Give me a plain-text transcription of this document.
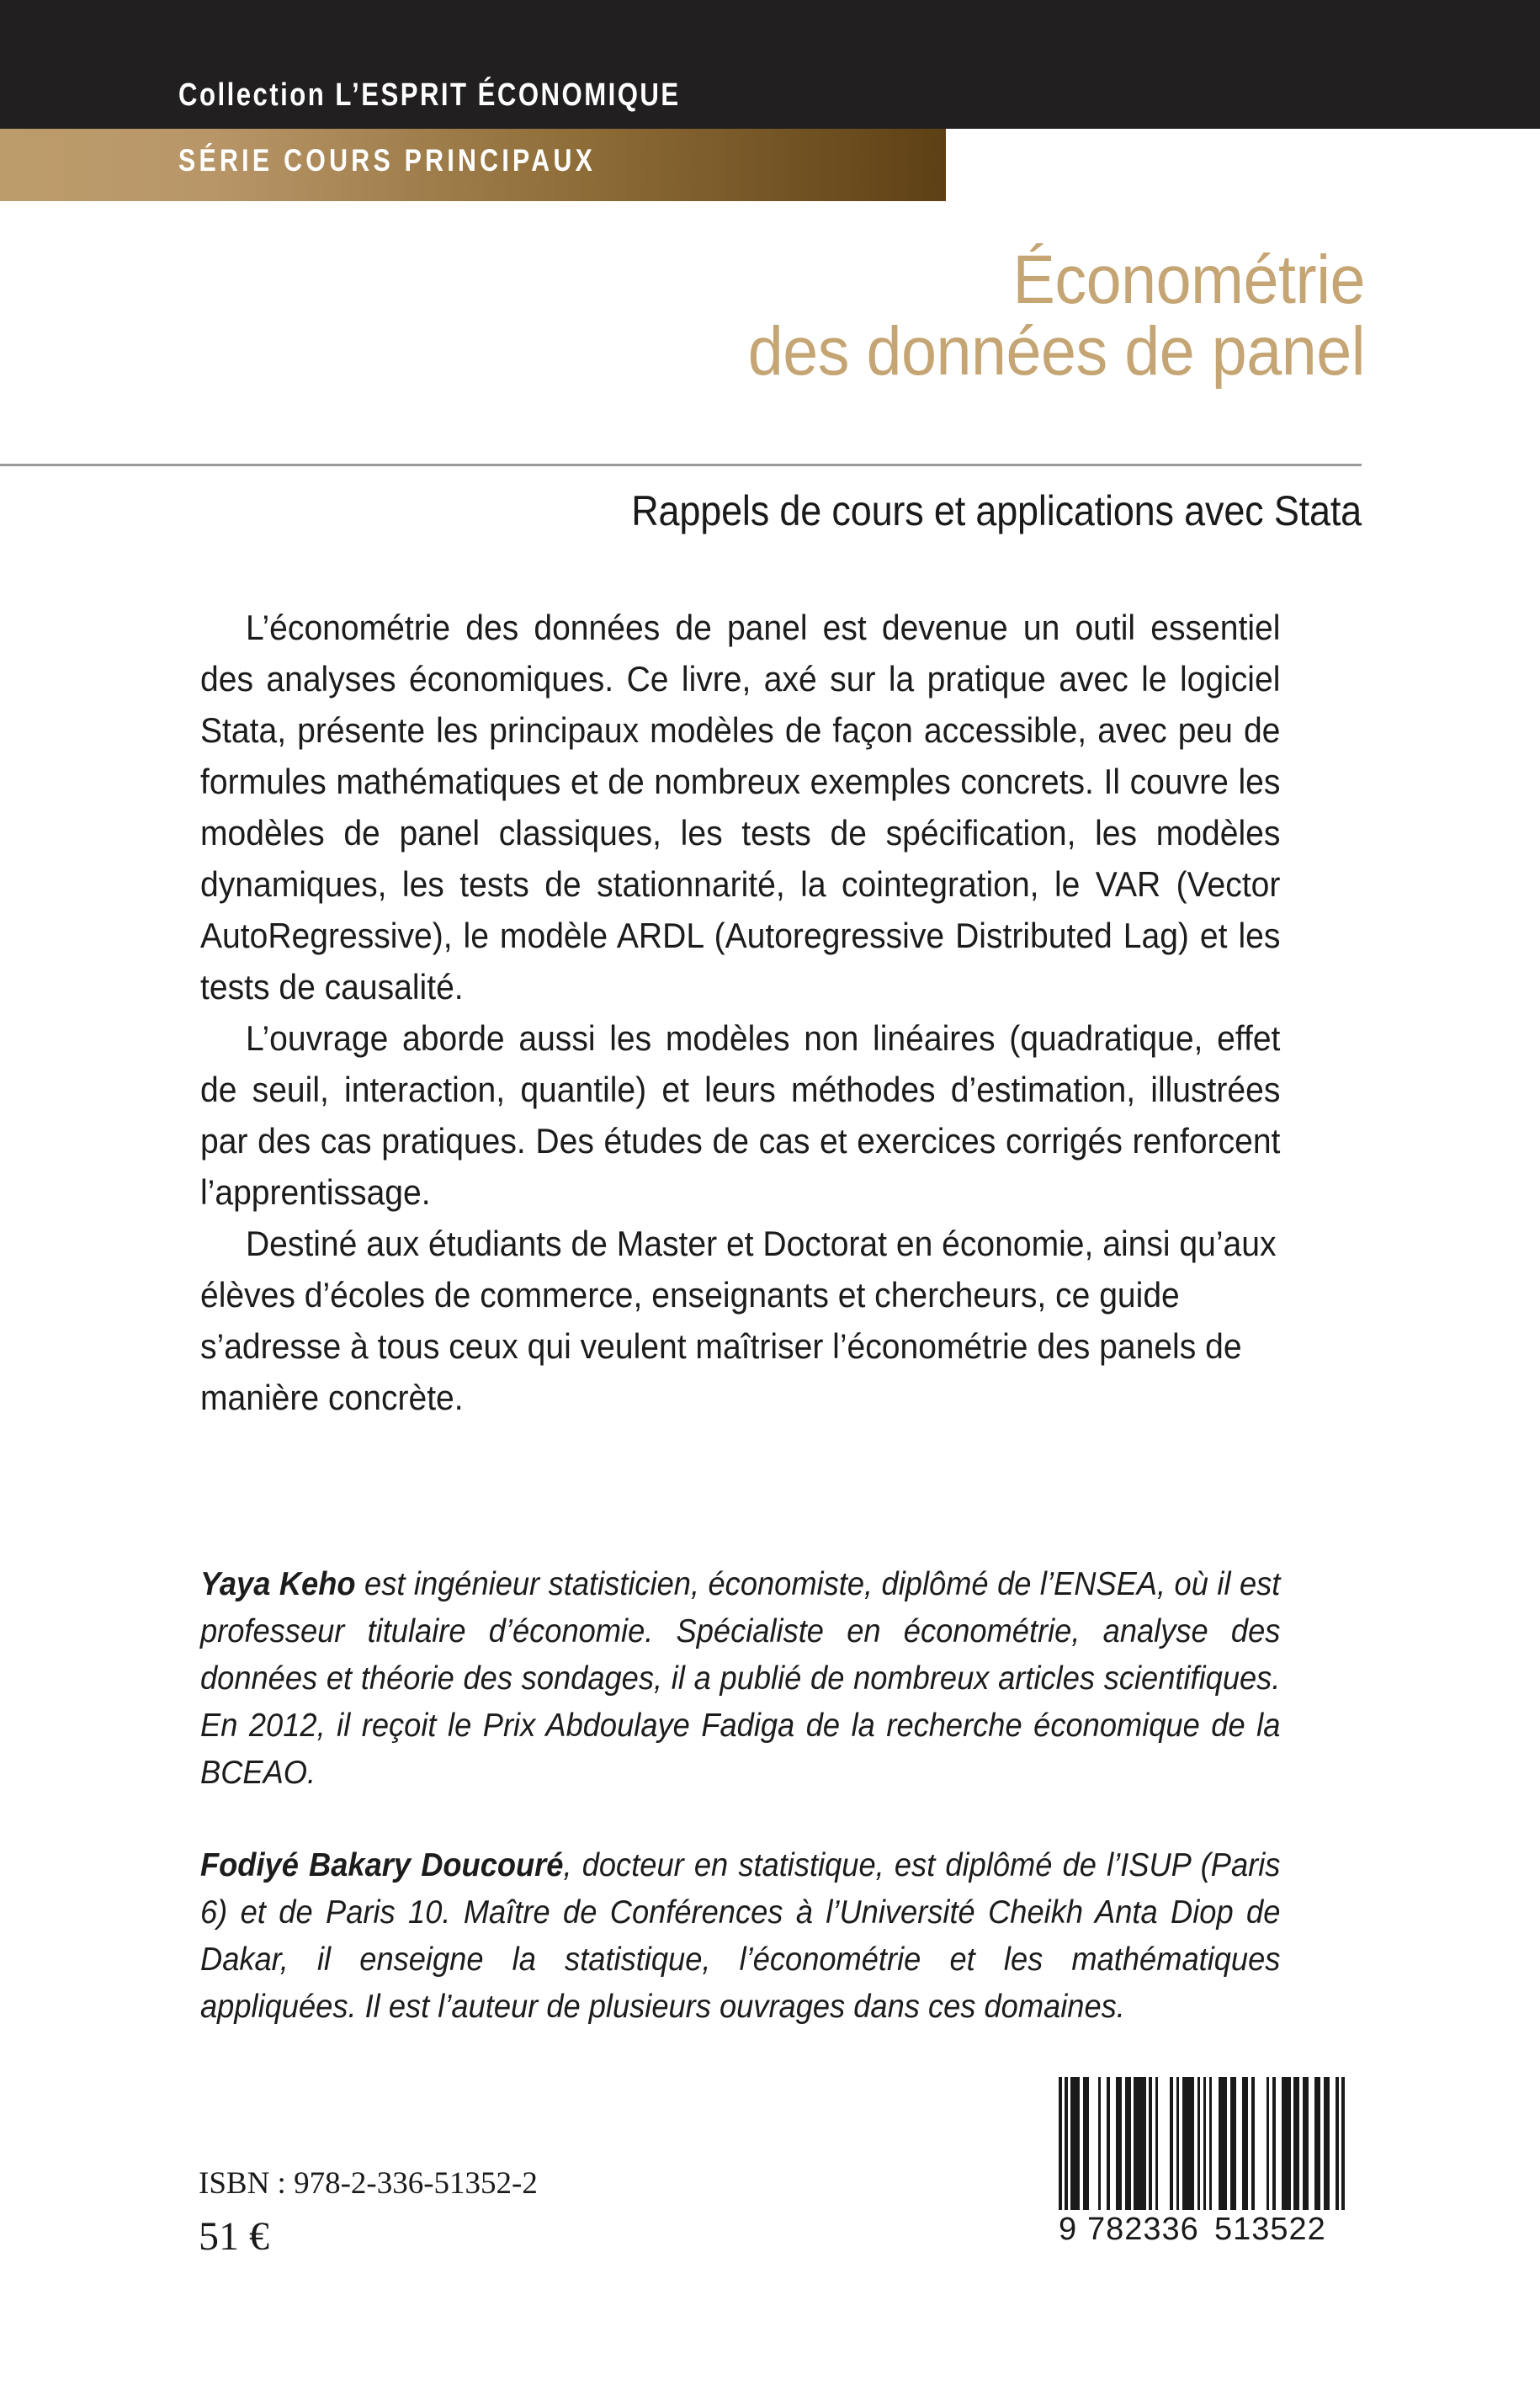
Collection L’ESPRIT ÉCONOMIQUE
SÉRIE COURS PRINCIPAUX
Économétrie
des données de panel
Rappels de cours et applications avec Stata

L’économétrie des données de panel est devenue un outil essentiel des analyses économiques. Ce livre, axé sur la pratique avec le logiciel Stata, présente les principaux modèles de façon accessible, avec peu de formules mathématiques et de nombreux exemples concrets. Il couvre les modèles de panel classiques, les tests de spécification, les modèles dynamiques, les tests de stationnarité, la cointegration, le VAR (Vector AutoRegressive), le modèle ARDL (Autoregressive Distributed Lag) et les tests de causalité.

L’ouvrage aborde aussi les modèles non linéaires (quadratique, effet de seuil, interaction, quantile) et leurs méthodes d’estimation, illustrées par des cas pratiques. Des études de cas et exercices corrigés renforcent l’apprentissage.

Destiné aux étudiants de Master et Doctorat en économie, ainsi qu’aux élèves d’écoles de commerce, enseignants et chercheurs, ce guide s’adresse à tous ceux qui veulent maîtriser l’économétrie des panels de manière concrète.

Yaya Keho est ingénieur statisticien, économiste, diplômé de l’ENSEA, où il est professeur titulaire d’économie. Spécialiste en économétrie, analyse des données et théorie des sondages, il a publié de nombreux articles scientifiques. En 2012, il reçoit le Prix Abdoulaye Fadiga de la recherche économique de la BCEAO.

Fodiyé Bakary Doucouré, docteur en statistique, est diplômé de l’ISUP (Paris 6) et de Paris 10. Maître de Conférences à l’Université Cheikh Anta Diop de Dakar, il enseigne la statistique, l’économétrie et les mathématiques appliquées. Il est l’auteur de plusieurs ouvrages dans ces domaines.

ISBN : 978-2-336-51352-2
51 €	9 782336 513522
